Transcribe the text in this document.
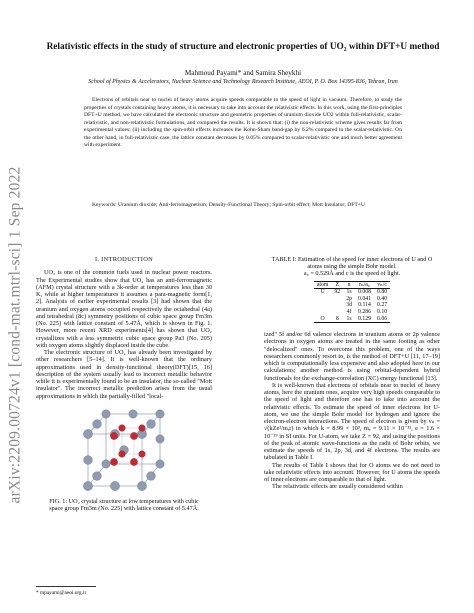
arXiv:2209.00724v1 [cond-mat.mtrl-sci] 1 Sep 2022
Relativistic effects in the study of structure and electronic properties of UO₂ within DFT+U method
Mahmoud Payami* and Samira Sheykhi
School of Physics & Accelerators, Nuclear Science and Technology Research Institute, AEOI, P. O. Box 14395-836, Tehran, Iran

Electrons of orbitals near to nuclei of heavy atoms acquire speeds comparable to the speed of light in vacuum. Therefore, to study the properties of crystals containing heavy atoms, it is necessary to take into account the relativistic effects. In this work, using the first-principles DFT+U method, we have calculated the electronic structure and geometric properties of uranium dioxide UO2 within full-relativistic, scalar-relativistic, and non-relativistic formulations, and compared the results. It is shown that: (i) the non-relativistic scheme gives results far from experimental values; (ii) including the spin-orbit effects increases the Kohn-Sham band-gap by 6.2% compared to the scalar-relativistic. On the other hand, in full-relativistic case, the lattice constant decreases by 0.05% compared to scalar-relativistic one and much better agreement with experiment.

Keywords: Uranium dioxide; Anti-ferromagnetism; Density-Functional Theory; Spin-orbit effect; Mott Insulator; DFT+U
I. INTRODUCTION

UO₂ is one of the common fuels used in nuclear power reactors. The Experimental studies show that UO₂ has an anti-ferromagnetic (AFM) crystal structure with a 3k-order at temperatures less than 30 K, while at higher temperatures it assumes a para-magnetic form[1, 2]. Analysis of earlier experimental results [3] had shown that the uranium and oxygen atoms occupied respectively the octahedral (4a) and tetrahedral (8c) symmetry positions of cubic space group Fm3m (No. 225) with lattice constant of 5.47Å, which is shown in Fig. 1. However, more recent XRD experiments[4] has shown that UO₂ crystallizes with a less symmetric cubic space group Pa3 (No. 205) with oxygen atoms slightly displaced inside the cube.

The electronic structure of UO₂ has already been investigated by other researchers [5–14]. It is well-known that the ordinary approximations used in density-functional theory(DFT)[15, 16] description of the system usually lead to incorrect metallic behavior while it is experimentally found to be an insulator, the so-called "Mott insulator". The incorrect metallic prediction arises from the usual approximations in which the partially-filled "local-

FIG. 1: UO₂ crystal structure at low temperatures with cubic space group Fm3m (No. 225) with lattice constant of 5.47Å.
* mpayami@aeoi.org.ir
TABLE I: Estimation of the speed for inner electrons of U and O atoms using the simple Bohr model.
a₀ = 0.529Å and c is the speed of light.
atom	Z	n	rₙ/a₀	vₙ/c
U	92	1s	0.008	0.80
		2p	0.041	0.40
		3d	0.114	0.27
		4f	0.286	0.10
O	8	1s	0.129	0.06

ized" 5f and/or 6d valence electrons in uranium atoms or 2p valence electrons in oxygen atoms are treated in the same footing as other "delocalized" ones. To overcome this problem, one of the ways researchers commonly resort to, is the method of DFT+U [11, 17–19] which is computationally less expensive and also adopted here in our calculations; another method is using orbital-dependent hybrid functionals for the exchange-correlation (XC) energy functional [13].

It is well-known that electrons of orbitals near to nuclei of heavy atoms, here the uranium ones, acquire very high speeds comparable to the speed of light and therefore one has to take into account the relativistic effects. To estimate the speed of inner electrons for U-atom, we use the simple Bohr model for hydrogen and ignore the electron-electron interactions. The speed of electron is given by vₙ = √(kZe²/mₑr) in which k = 8.99 × 10⁹, mₑ = 9.11 × 10⁻³¹, e = 1.6 × 10⁻¹⁹ in SI units. For U-atom, we take Z = 92, and using the positions of the peak of atomic wave-functions as the radii of Bohr orbits, we estimate the speeds of 1s, 2p, 3d, and 4f electrons. The results are tabulated in Table I.

The results of Table I shows that for O atoms we do not need to take relativistic effects into account. However, for U atoms the speeds of inner electrons are comparable to that of light.

The relativistic effects are usually considered within
